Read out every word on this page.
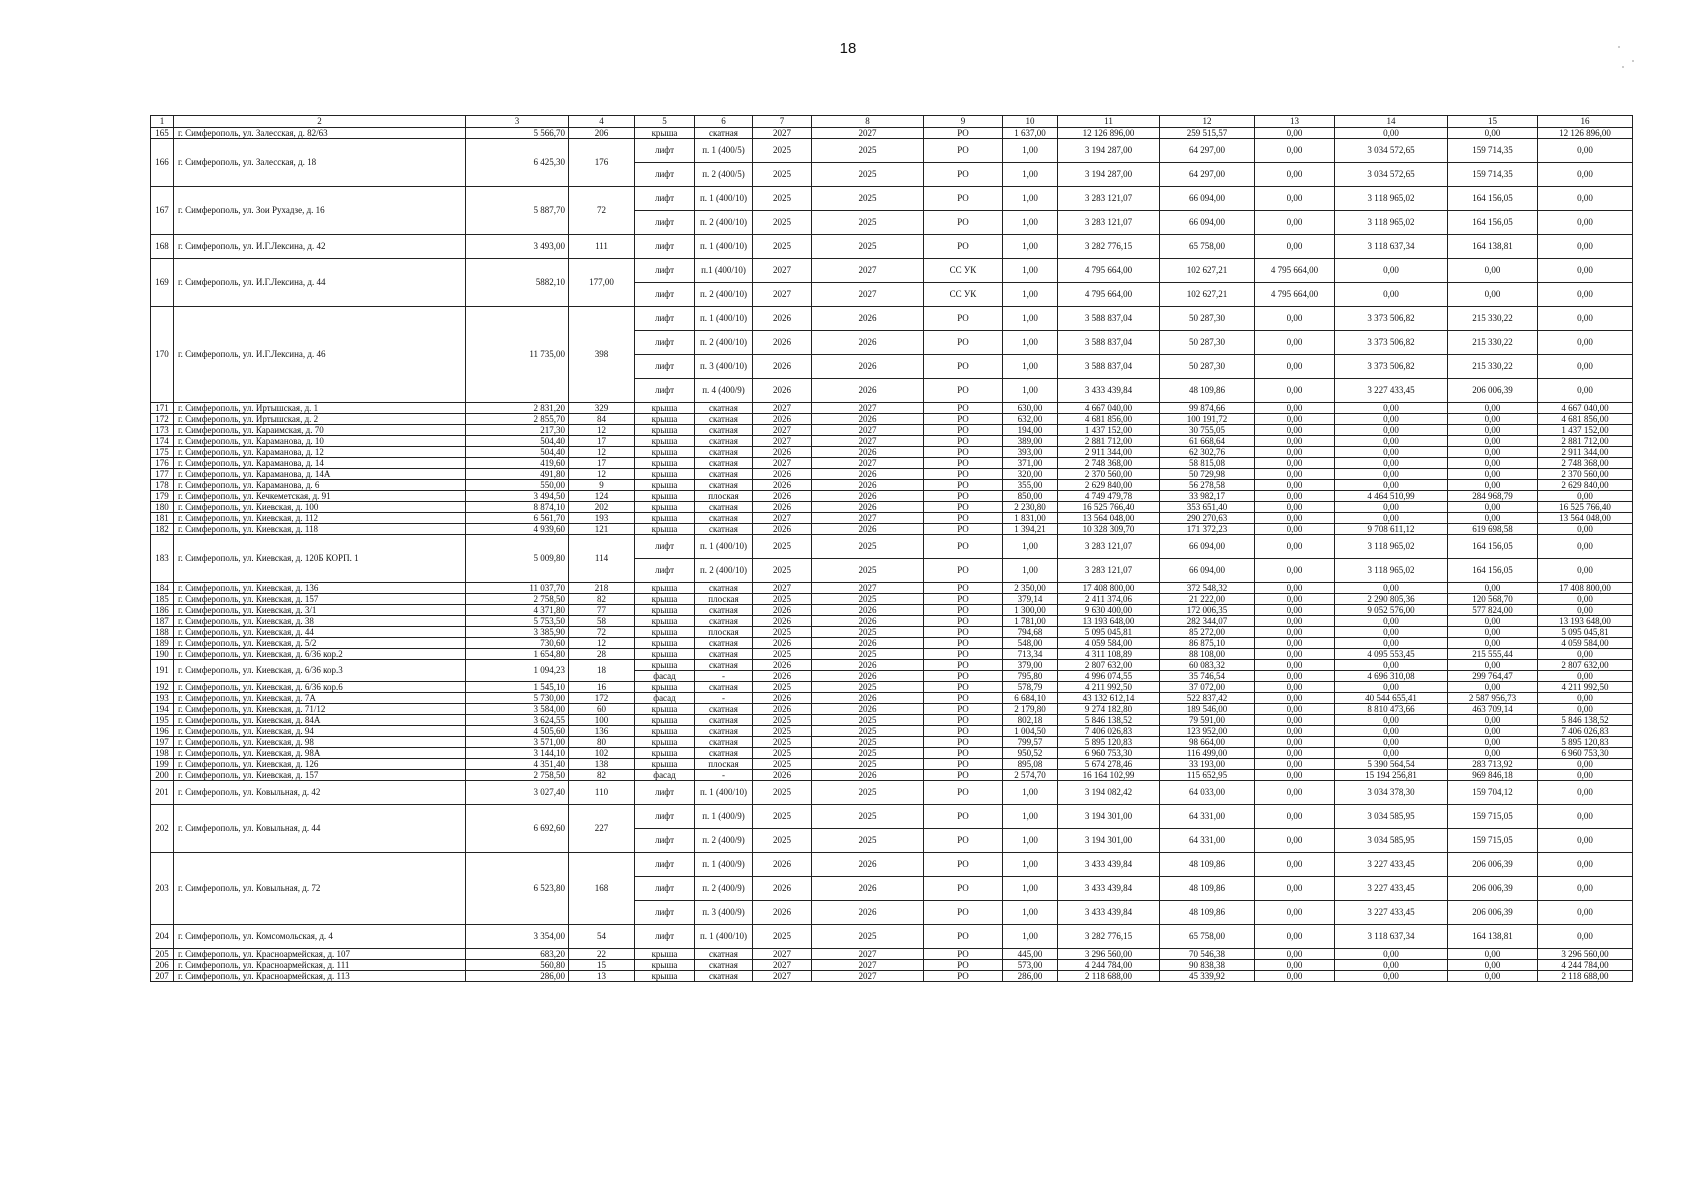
18
1	2	3	4	5	6	7	8	9	10	11	12	13	14	15	16
165	г. Симферополь, ул. Залесская, д. 82/63	5 566,70	206	крыша	скатная	2027	2027	РО	1 637,00	12 126 896,00	259 515,57	0,00	0,00	0,00	12 126 896,00
166	г. Симферополь, ул. Залесская, д. 18	6 425,30	176	лифт	п. 1 (400/5)	2025	2025	РО	1,00	3 194 287,00	64 297,00	0,00	3 034 572,65	159 714,35	0,00
				лифт	п. 2 (400/5)	2025	2025	РО	1,00	3 194 287,00	64 297,00	0,00	3 034 572,65	159 714,35	0,00
167	г. Симферополь, ул. Зои Рухадзе, д. 16	5 887,70	72	лифт	п. 1 (400/10)	2025	2025	РО	1,00	3 283 121,07	66 094,00	0,00	3 118 965,02	164 156,05	0,00
				лифт	п. 2 (400/10)	2025	2025	РО	1,00	3 283 121,07	66 094,00	0,00	3 118 965,02	164 156,05	0,00
168	г. Симферополь, ул. И.Г.Лексина, д. 42	3 493,00	111	лифт	п. 1 (400/10)	2025	2025	РО	1,00	3 282 776,15	65 758,00	0,00	3 118 637,34	164 138,81	0,00
169	г. Симферополь, ул. И.Г.Лексина, д. 44	5882,10	177,00	лифт	п.1 (400/10)	2027	2027	СС УК	1,00	4 795 664,00	102 627,21	4 795 664,00	0,00	0,00	0,00
				лифт	п. 2 (400/10)	2027	2027	СС УК	1,00	4 795 664,00	102 627,21	4 795 664,00	0,00	0,00	0,00
170	г. Симферополь, ул. И.Г.Лексина, д. 46	11 735,00	398	лифт	п. 1 (400/10)	2026	2026	РО	1,00	3 588 837,04	50 287,30	0,00	3 373 506,82	215 330,22	0,00
				лифт	п. 2 (400/10)	2026	2026	РО	1,00	3 588 837,04	50 287,30	0,00	3 373 506,82	215 330,22	0,00
				лифт	п. 3 (400/10)	2026	2026	РО	1,00	3 588 837,04	50 287,30	0,00	3 373 506,82	215 330,22	0,00
				лифт	п. 4 (400/9)	2026	2026	РО	1,00	3 433 439,84	48 109,86	0,00	3 227 433,45	206 006,39	0,00
171	г. Симферополь, ул. Иртышская, д. 1	2 831,20	329	крыша	скатная	2027	2027	РО	630,00	4 667 040,00	99 874,66	0,00	0,00	0,00	4 667 040,00
172	г. Симферополь, ул. Иртышская, д. 2	2 855,70	84	крыша	скатная	2026	2026	РО	632,00	4 681 856,00	100 191,72	0,00	0,00	0,00	4 681 856,00
173	г. Симферополь, ул. Караимская, д. 70	217,30	12	крыша	скатная	2027	2027	РО	194,00	1 437 152,00	30 755,05	0,00	0,00	0,00	1 437 152,00
174	г. Симферополь, ул. Караманова, д. 10	504,40	17	крыша	скатная	2027	2027	РО	389,00	2 881 712,00	61 668,64	0,00	0,00	0,00	2 881 712,00
175	г. Симферополь, ул. Караманова, д. 12	504,40	12	крыша	скатная	2026	2026	РО	393,00	2 911 344,00	62 302,76	0,00	0,00	0,00	2 911 344,00
176	г. Симферополь, ул. Караманова, д. 14	419,60	17	крыша	скатная	2027	2027	РО	371,00	2 748 368,00	58 815,08	0,00	0,00	0,00	2 748 368,00
177	г. Симферополь, ул. Караманова, д. 14А	491,80	12	крыша	скатная	2026	2026	РО	320,00	2 370 560,00	50 729,98	0,00	0,00	0,00	2 370 560,00
178	г. Симферополь, ул. Караманова, д. 6	550,00	9	крыша	скатная	2026	2026	РО	355,00	2 629 840,00	56 278,58	0,00	0,00	0,00	2 629 840,00
179	г. Симферополь, ул. Кечкеметская, д. 91	3 494,50	124	крыша	плоская	2026	2026	РО	850,00	4 749 479,78	33 982,17	0,00	4 464 510,99	284 968,79	0,00
180	г. Симферополь, ул. Киевская, д. 100	8 874,10	202	крыша	скатная	2026	2026	РО	2 230,80	16 525 766,40	353 651,40	0,00	0,00	0,00	16 525 766,40
181	г. Симферополь, ул. Киевская, д. 112	6 561,70	193	крыша	скатная	2027	2027	РО	1 831,00	13 564 048,00	290 270,63	0,00	0,00	0,00	13 564 048,00
182	г. Симферополь, ул. Киевская, д. 118	4 939,60	121	крыша	скатная	2026	2026	РО	1 394,21	10 328 309,70	171 372,23	0,00	9 708 611,12	619 698,58	0,00
183	г. Симферополь, ул. Киевская, д. 120Б КОРП. 1	5 009,80	114	лифт	п. 1 (400/10)	2025	2025	РО	1,00	3 283 121,07	66 094,00	0,00	3 118 965,02	164 156,05	0,00
				лифт	п. 2 (400/10)	2025	2025	РО	1,00	3 283 121,07	66 094,00	0,00	3 118 965,02	164 156,05	0,00
184	г. Симферополь, ул. Киевская, д. 136	11 037,70	218	крыша	скатная	2027	2027	РО	2 350,00	17 408 800,00	372 548,32	0,00	0,00	0,00	17 408 800,00
185	г. Симферополь, ул. Киевская, д. 157	2 758,50	82	крыша	плоская	2025	2025	РО	379,14	2 411 374,06	21 222,00	0,00	2 290 805,36	120 568,70	0,00
186	г. Симферополь, ул. Киевская, д. 3/1	4 371,80	77	крыша	скатная	2026	2026	РО	1 300,00	9 630 400,00	172 006,35	0,00	9 052 576,00	577 824,00	0,00
187	г. Симферополь, ул. Киевская, д. 38	5 753,50	58	крыша	скатная	2026	2026	РО	1 781,00	13 193 648,00	282 344,07	0,00	0,00	0,00	13 193 648,00
188	г. Симферополь, ул. Киевская, д. 44	3 385,90	72	крыша	плоская	2025	2025	РО	794,68	5 095 045,81	85 272,00	0,00	0,00	0,00	5 095 045,81
189	г. Симферополь, ул. Киевская, д. 5/2	730,60	12	крыша	скатная	2026	2026	РО	548,00	4 059 584,00	86 875,10	0,00	0,00	0,00	4 059 584,00
190	г. Симферополь, ул. Киевская, д. 6/36 кор.2	1 654,80	28	крыша	скатная	2025	2025	РО	713,34	4 311 108,89	88 108,00	0,00	4 095 553,45	215 555,44	0,00
191	г. Симферополь, ул. Киевская, д. 6/36 кор.3	1 094,23	18	крыша	скатная	2026	2026	РО	379,00	2 807 632,00	60 083,32	0,00	0,00	0,00	2 807 632,00
				фасад	-	2026	2026	РО	795,80	4 996 074,55	35 746,54	0,00	4 696 310,08	299 764,47	0,00
192	г. Симферополь, ул. Киевская, д. 6/36 кор.6	1 545,10	16	крыша	скатная	2025	2025	РО	578,79	4 211 992,50	37 072,00	0,00	0,00	0,00	4 211 992,50
193	г. Симферополь, ул. Киевская, д. 7А	5 730,00	172	фасад	-	2026	2026	РО	6 684,10	43 132 612,14	522 837,42	0,00	40 544 655,41	2 587 956,73	0,00
194	г. Симферополь, ул. Киевская, д. 71/12	3 584,00	60	крыша	скатная	2026	2026	РО	2 179,80	9 274 182,80	189 546,00	0,00	8 810 473,66	463 709,14	0,00
195	г. Симферополь, ул. Киевская, д. 84А	3 624,55	100	крыша	скатная	2025	2025	РО	802,18	5 846 138,52	79 591,00	0,00	0,00	0,00	5 846 138,52
196	г. Симферополь, ул. Киевская, д. 94	4 505,60	136	крыша	скатная	2025	2025	РО	1 004,50	7 406 026,83	123 952,00	0,00	0,00	0,00	7 406 026,83
197	г. Симферополь, ул. Киевская, д. 98	3 571,00	80	крыша	скатная	2025	2025	РО	799,57	5 895 120,83	98 664,00	0,00	0,00	0,00	5 895 120,83
198	г. Симферополь, ул. Киевская, д. 98А	3 144,10	102	крыша	скатная	2025	2025	РО	950,52	6 960 753,30	116 499,00	0,00	0,00	0,00	6 960 753,30
199	г. Симферополь, ул. Киевская, д. 126	4 351,40	138	крыша	плоская	2025	2025	РО	895,08	5 674 278,46	33 193,00	0,00	5 390 564,54	283 713,92	0,00
200	г. Симферополь, ул. Киевская, д. 157	2 758,50	82	фасад	-	2026	2026	РО	2 574,70	16 164 102,99	115 652,95	0,00	15 194 256,81	969 846,18	0,00
201	г. Симферополь, ул. Ковыльная, д. 42	3 027,40	110	лифт	п. 1 (400/10)	2025	2025	РО	1,00	3 194 082,42	64 033,00	0,00	3 034 378,30	159 704,12	0,00
202	г. Симферополь, ул. Ковыльная, д. 44	6 692,60	227	лифт	п. 1 (400/9)	2025	2025	РО	1,00	3 194 301,00	64 331,00	0,00	3 034 585,95	159 715,05	0,00
				лифт	п. 2 (400/9)	2025	2025	РО	1,00	3 194 301,00	64 331,00	0,00	3 034 585,95	159 715,05	0,00
203	г. Симферополь, ул. Ковыльная, д. 72	6 523,80	168	лифт	п. 1 (400/9)	2026	2026	РО	1,00	3 433 439,84	48 109,86	0,00	3 227 433,45	206 006,39	0,00
				лифт	п. 2 (400/9)	2026	2026	РО	1,00	3 433 439,84	48 109,86	0,00	3 227 433,45	206 006,39	0,00
				лифт	п. 3 (400/9)	2026	2026	РО	1,00	3 433 439,84	48 109,86	0,00	3 227 433,45	206 006,39	0,00
204	г. Симферополь, ул. Комсомольская, д. 4	3 354,00	54	лифт	п. 1 (400/10)	2025	2025	РО	1,00	3 282 776,15	65 758,00	0,00	3 118 637,34	164 138,81	0,00
205	г. Симферополь, ул. Красноармейская, д. 107	683,20	22	крыша	скатная	2027	2027	РО	445,00	3 296 560,00	70 546,38	0,00	0,00	0,00	3 296 560,00
206	г. Симферополь, ул. Красноармейская, д. 111	560,80	15	крыша	скатная	2027	2027	РО	573,00	4 244 784,00	90 838,38	0,00	0,00	0,00	4 244 784,00
207	г. Симферополь, ул. Красноармейская, д. 113	286,00	13	крыша	скатная	2027	2027	РО	286,00	2 118 688,00	45 339,92	0,00	0,00	0,00	2 118 688,00
